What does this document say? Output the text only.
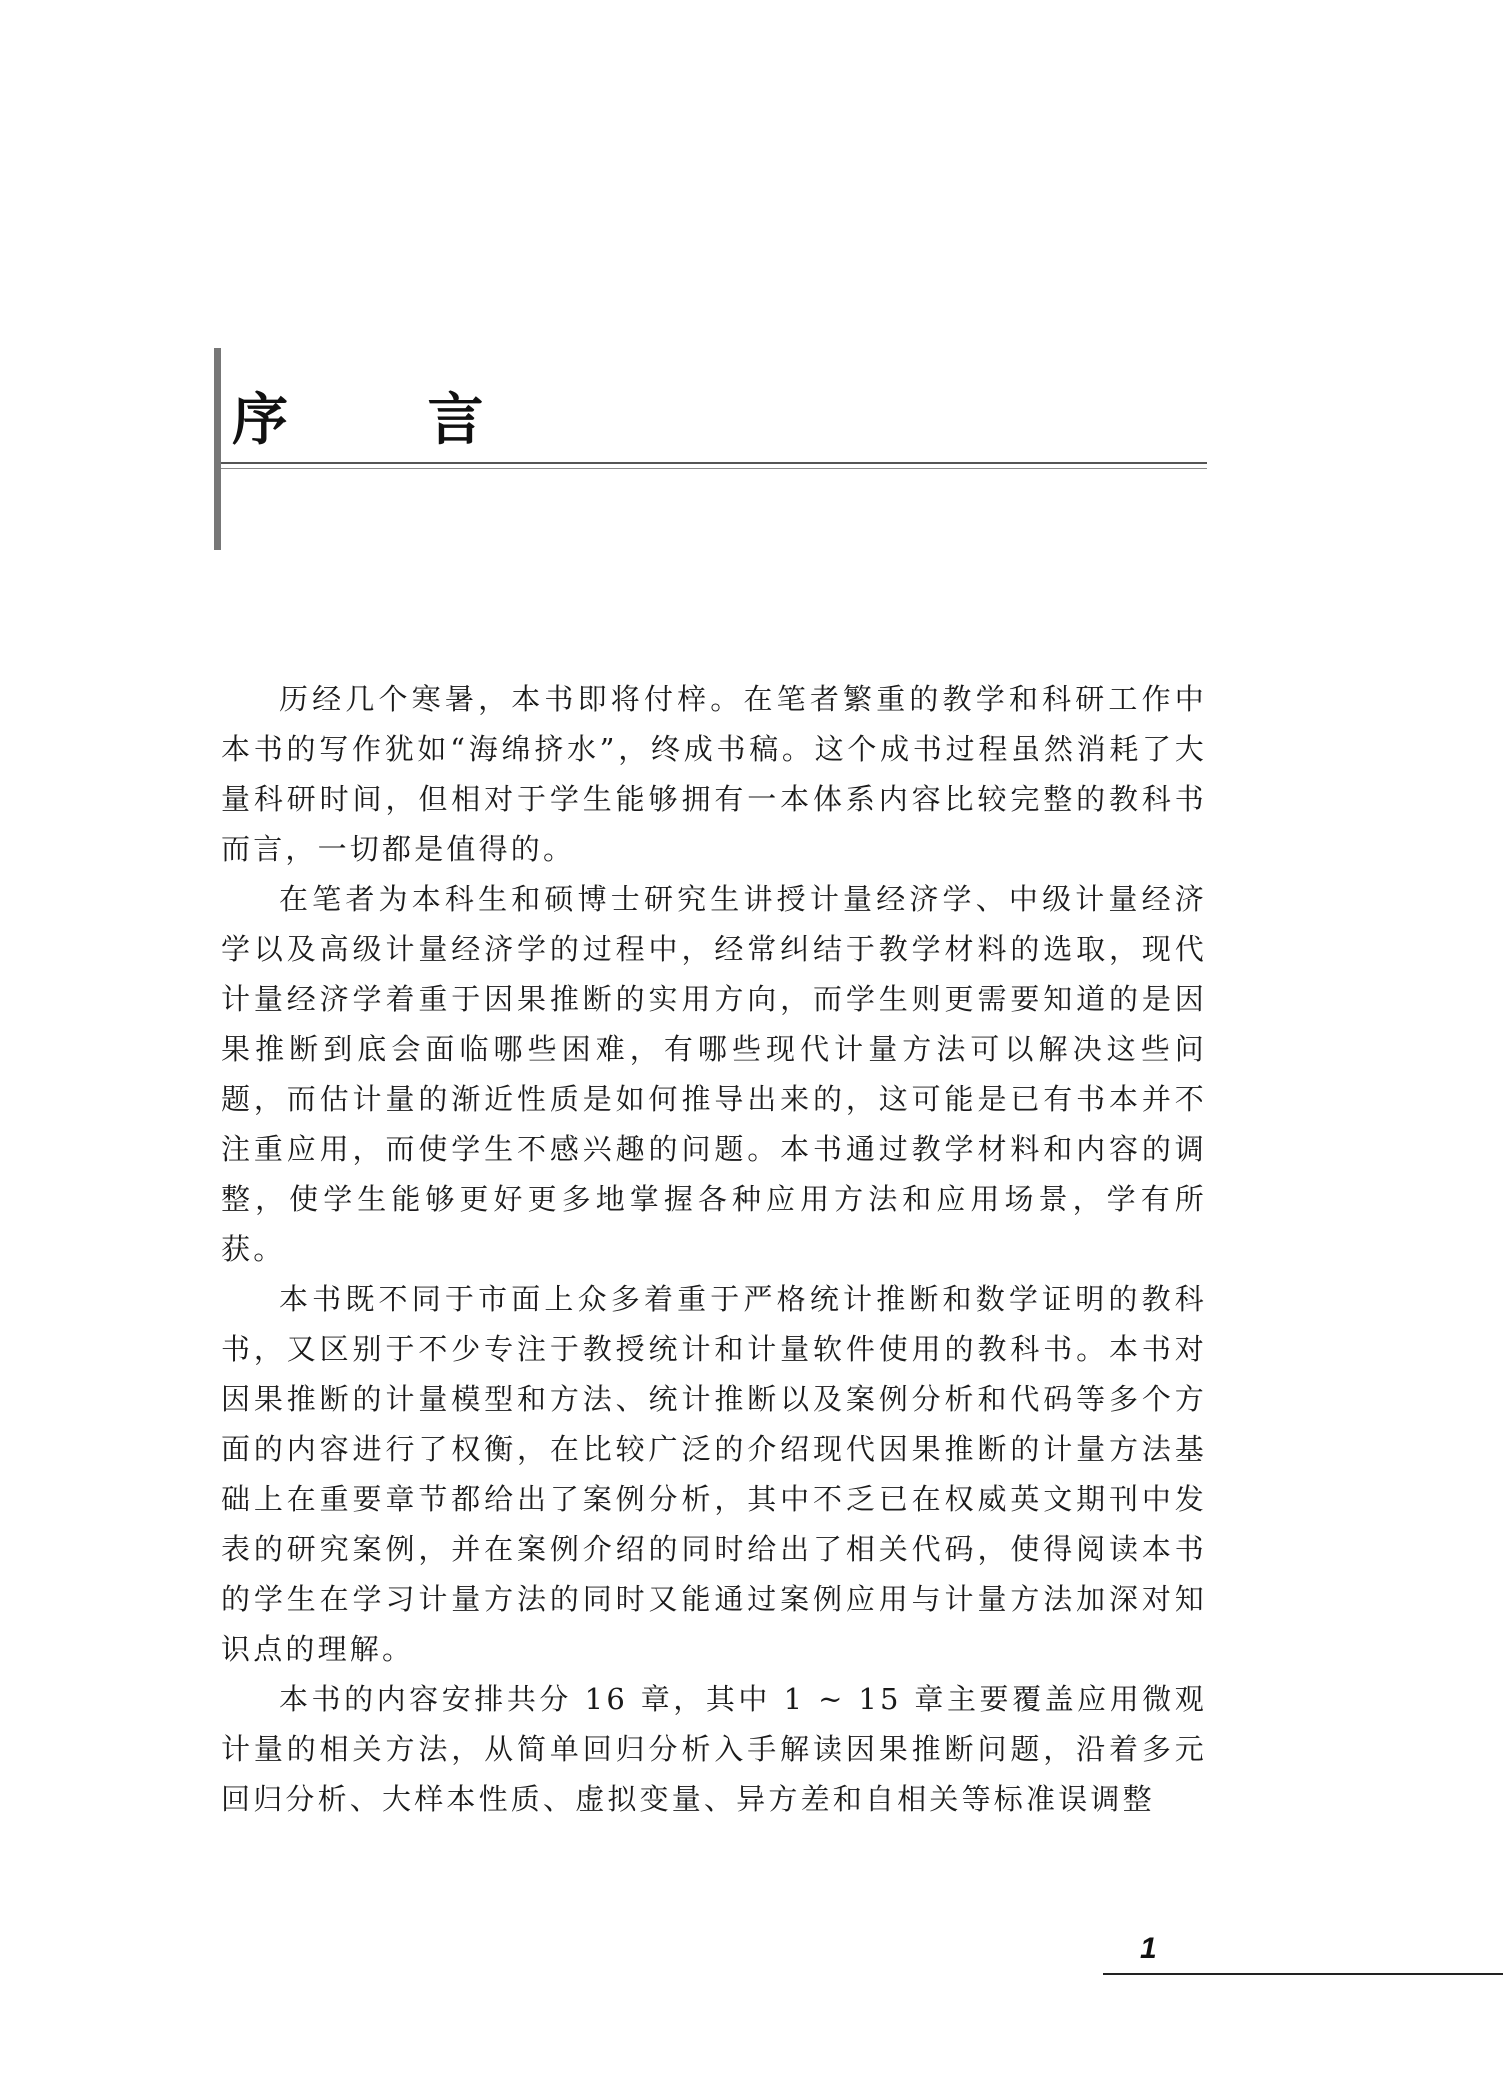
序 言

历经几个寒暑，本书即将付梓。在笔者繁重的教学和科研工作中本书的写作犹如“海绵挤水”，终成书稿。这个成书过程虽然消耗了大量科研时间，但相对于学生能够拥有一本体系内容比较完整的教科书而言，一切都是值得的。

在笔者为本科生和硕博士研究生讲授计量经济学、中级计量经济学以及高级计量经济学的过程中，经常纠结于教学材料的选取，现代计量经济学着重于因果推断的实用方向，而学生则更需要知道的是因果推断到底会面临哪些困难，有哪些现代计量方法可以解决这些问题，而估计量的渐近性质是如何推导出来的，这可能是已有书本并不注重应用，而使学生不感兴趣的问题。本书通过教学材料和内容的调整，使学生能够更好更多地掌握各种应用方法和应用场景，学有所获。

本书既不同于市面上众多着重于严格统计推断和数学证明的教科书，又区别于不少专注于教授统计和计量软件使用的教科书。本书对因果推断的计量模型和方法、统计推断以及案例分析和代码等多个方面的内容进行了权衡，在比较广泛的介绍现代因果推断的计量方法基础上在重要章节都给出了案例分析，其中不乏已在权威英文期刊中发表的研究案例，并在案例介绍的同时给出了相关代码，使得阅读本书的学生在学习计量方法的同时又能通过案例应用与计量方法加深对知识点的理解。

本书的内容安排共分 16 章，其中 1 ~ 15 章主要覆盖应用微观计量的相关方法，从简单回归分析入手解读因果推断问题，沿着多元回归分析、大样本性质、虚拟变量、异方差和自相关等标准误调整

1
